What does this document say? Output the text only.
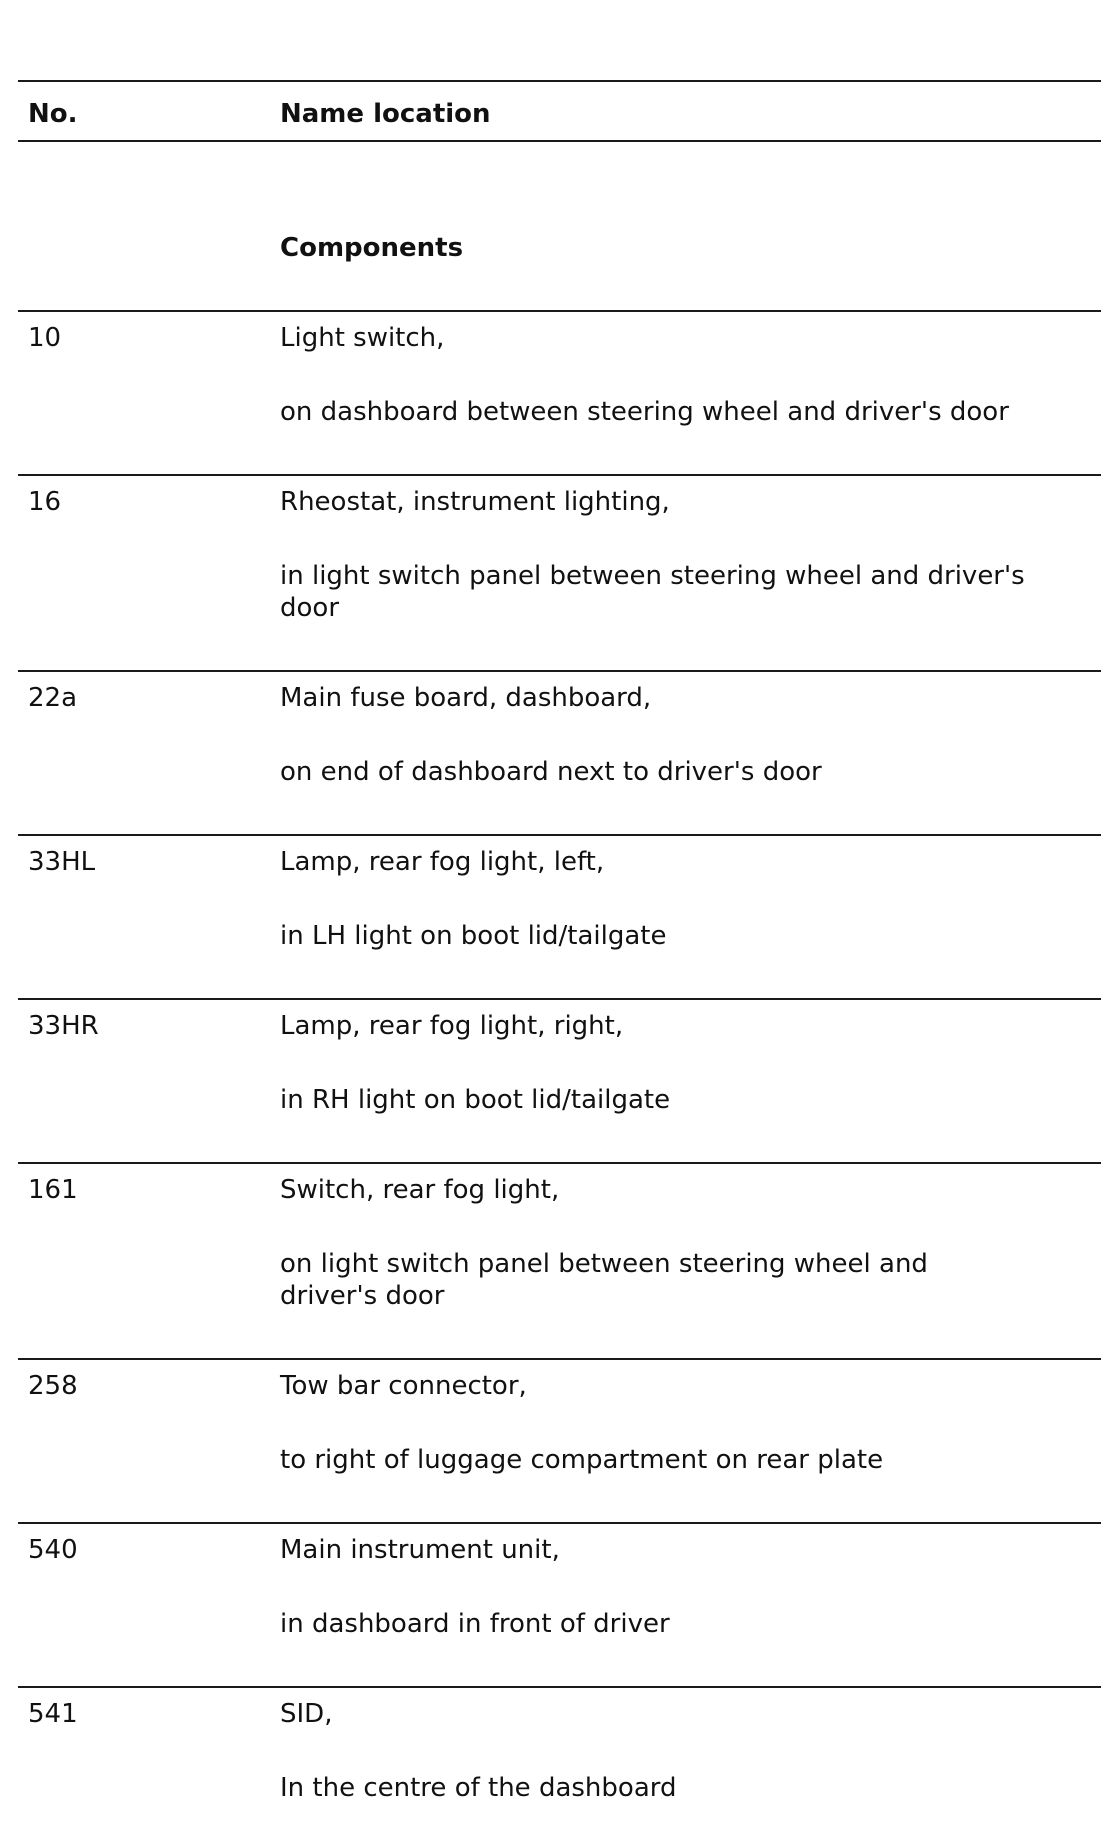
No.	Name location
Components
10	Light switch,
on dashboard between steering wheel and driver's door
16	Rheostat, instrument lighting,
in light switch panel between steering wheel and driver's door
22a	Main fuse board, dashboard,
on end of dashboard next to driver's door
33HL	Lamp, rear fog light, left,
in LH light on boot lid/tailgate
33HR	Lamp, rear fog light, right,
in RH light on boot lid/tailgate
161	Switch, rear fog light,
on light switch panel between steering wheel and driver's door
258	Tow bar connector,
to right of luggage compartment on rear plate
540	Main instrument unit,
in dashboard in front of driver
541	SID,
In the centre of the dashboard
